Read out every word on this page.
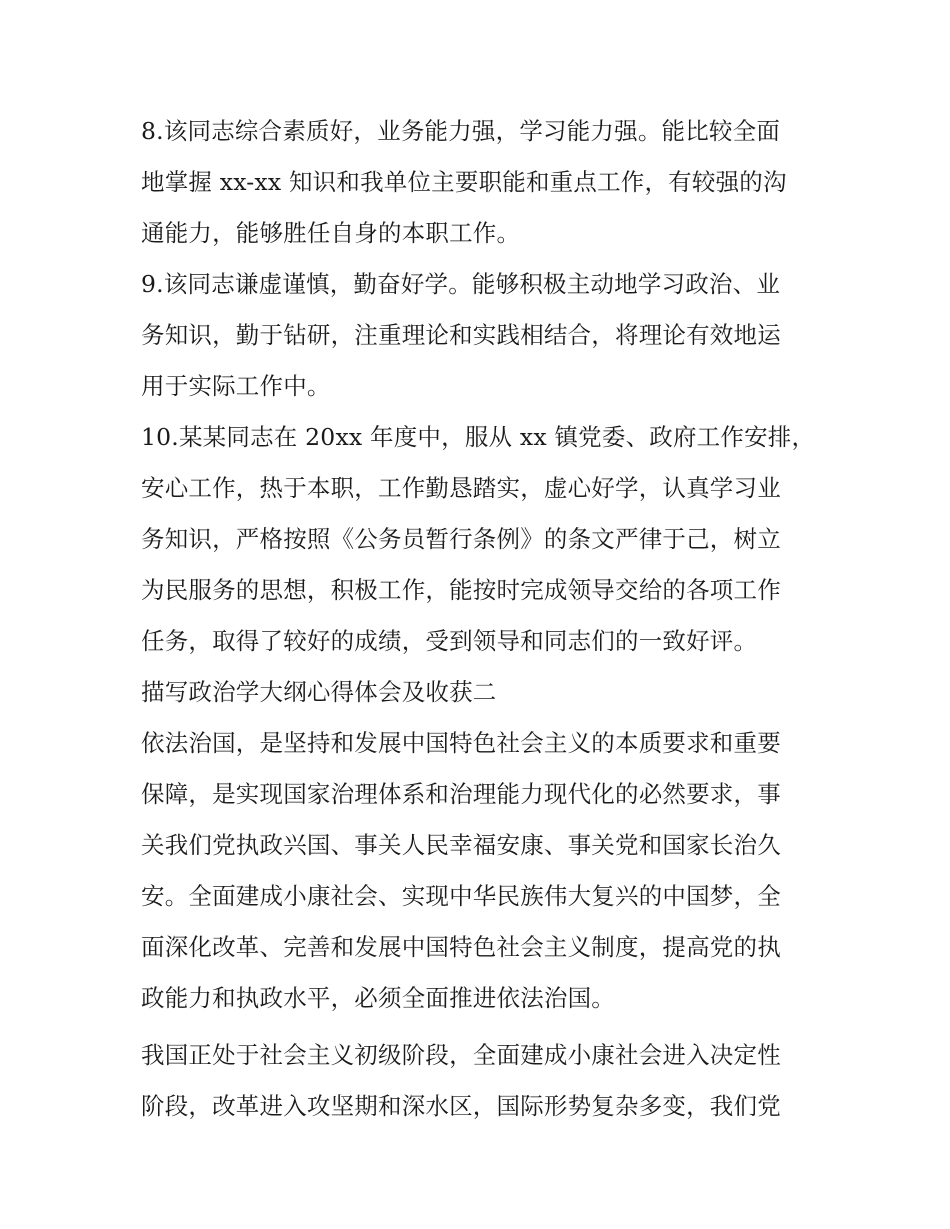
8.该同志综合素质好，业务能力强，学习能力强。能比较全面
地掌握 xx-xx 知识和我单位主要职能和重点工作，有较强的沟
通能力，能够胜任自身的本职工作。

9.该同志谦虚谨慎，勤奋好学。能够积极主动地学习政治、业
务知识，勤于钻研，注重理论和实践相结合，将理论有效地运
用于实际工作中。

10.某某同志在 20xx 年度中，服从 xx 镇党委、政府工作安排，
安心工作，热于本职，工作勤恳踏实，虚心好学，认真学习业
务知识，严格按照《公务员暂行条例》的条文严律于己，树立
为民服务的思想，积极工作，能按时完成领导交给的各项工作
任务，取得了较好的成绩，受到领导和同志们的一致好评。

描写政治学大纲心得体会及收获二

依法治国，是坚持和发展中国特色社会主义的本质要求和重要
保障，是实现国家治理体系和治理能力现代化的必然要求，事
关我们党执政兴国、事关人民幸福安康、事关党和国家长治久
安。全面建成小康社会、实现中华民族伟大复兴的中国梦，全
面深化改革、完善和发展中国特色社会主义制度，提高党的执
政能力和执政水平，必须全面推进依法治国。

我国正处于社会主义初级阶段，全面建成小康社会进入决定性
阶段，改革进入攻坚期和深水区，国际形势复杂多变，我们党
